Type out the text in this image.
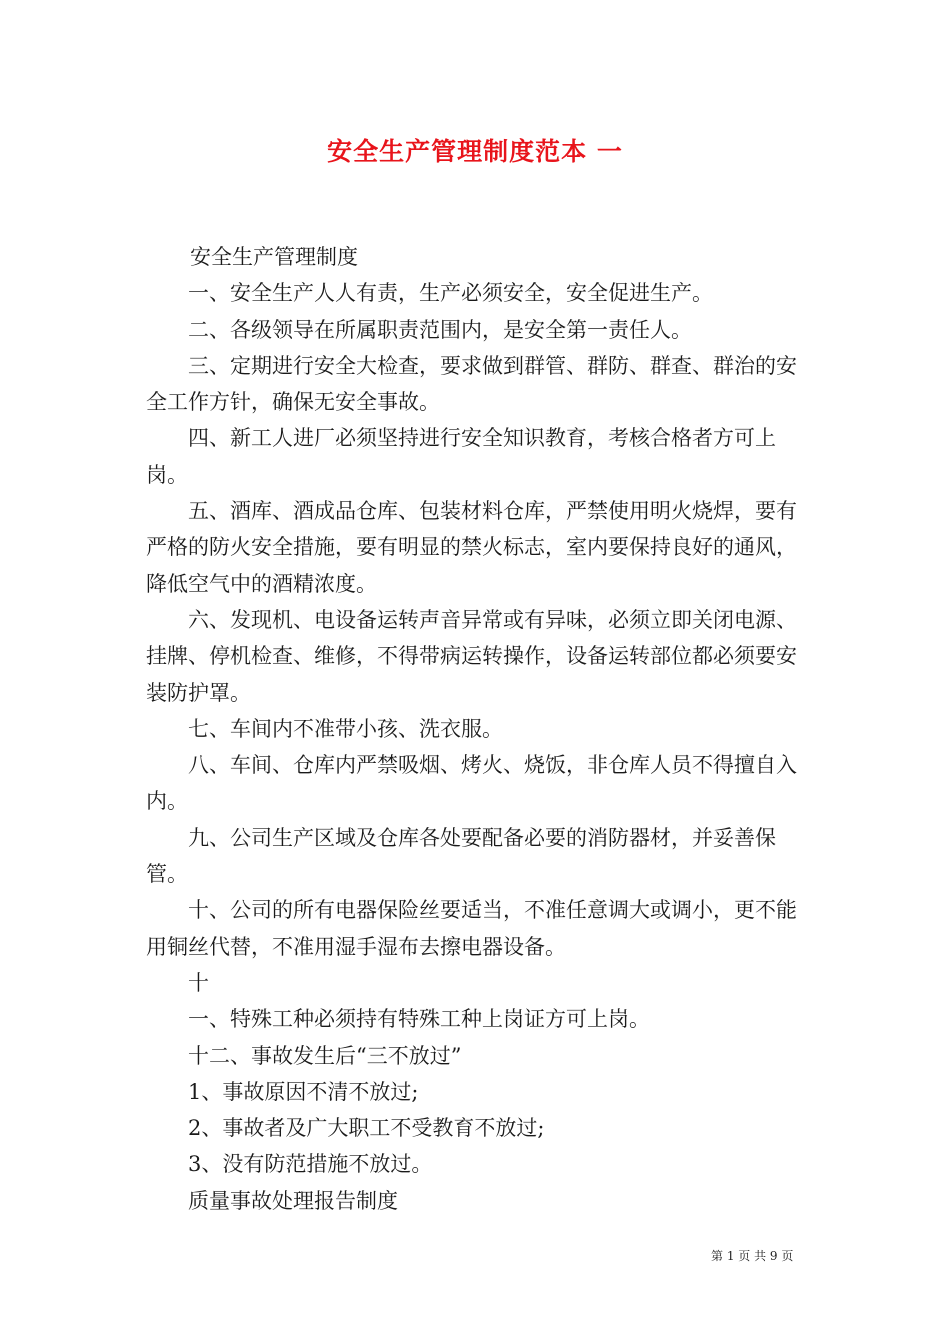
安全生产管理制度范本 一

安全生产管理制度

一、安全生产人人有责，生产必须安全，安全促进生产。

二、各级领导在所属职责范围内，是安全第一责任人。

三、定期进行安全大检查，要求做到群管、群防、群查、群治的安全工作方针，确保无安全事故。

四、新工人进厂必须坚持进行安全知识教育，考核合格者方可上岗。

五、酒库、酒成品仓库、包装材料仓库，严禁使用明火烧焊，要有严格的防火安全措施，要有明显的禁火标志，室内要保持良好的通风，降低空气中的酒精浓度。

六、发现机、电设备运转声音异常或有异味，必须立即关闭电源、挂牌、停机检查、维修，不得带病运转操作，设备运转部位都必须要安装防护罩。

七、车间内不准带小孩、洗衣服。

八、车间、仓库内严禁吸烟、烤火、烧饭，非仓库人员不得擅自入内。

九、公司生产区域及仓库各处要配备必要的消防器材，并妥善保管。

十、公司的所有电器保险丝要适当，不准任意调大或调小，更不能用铜丝代替，不准用湿手湿布去擦电器设备。

十

一、特殊工种必须持有特殊工种上岗证方可上岗。

十二、事故发生后“三不放过”

1、事故原因不清不放过;

2、事故者及广大职工不受教育不放过;

3、没有防范措施不放过。

质量事故处理报告制度

第 1 页 共 9 页
